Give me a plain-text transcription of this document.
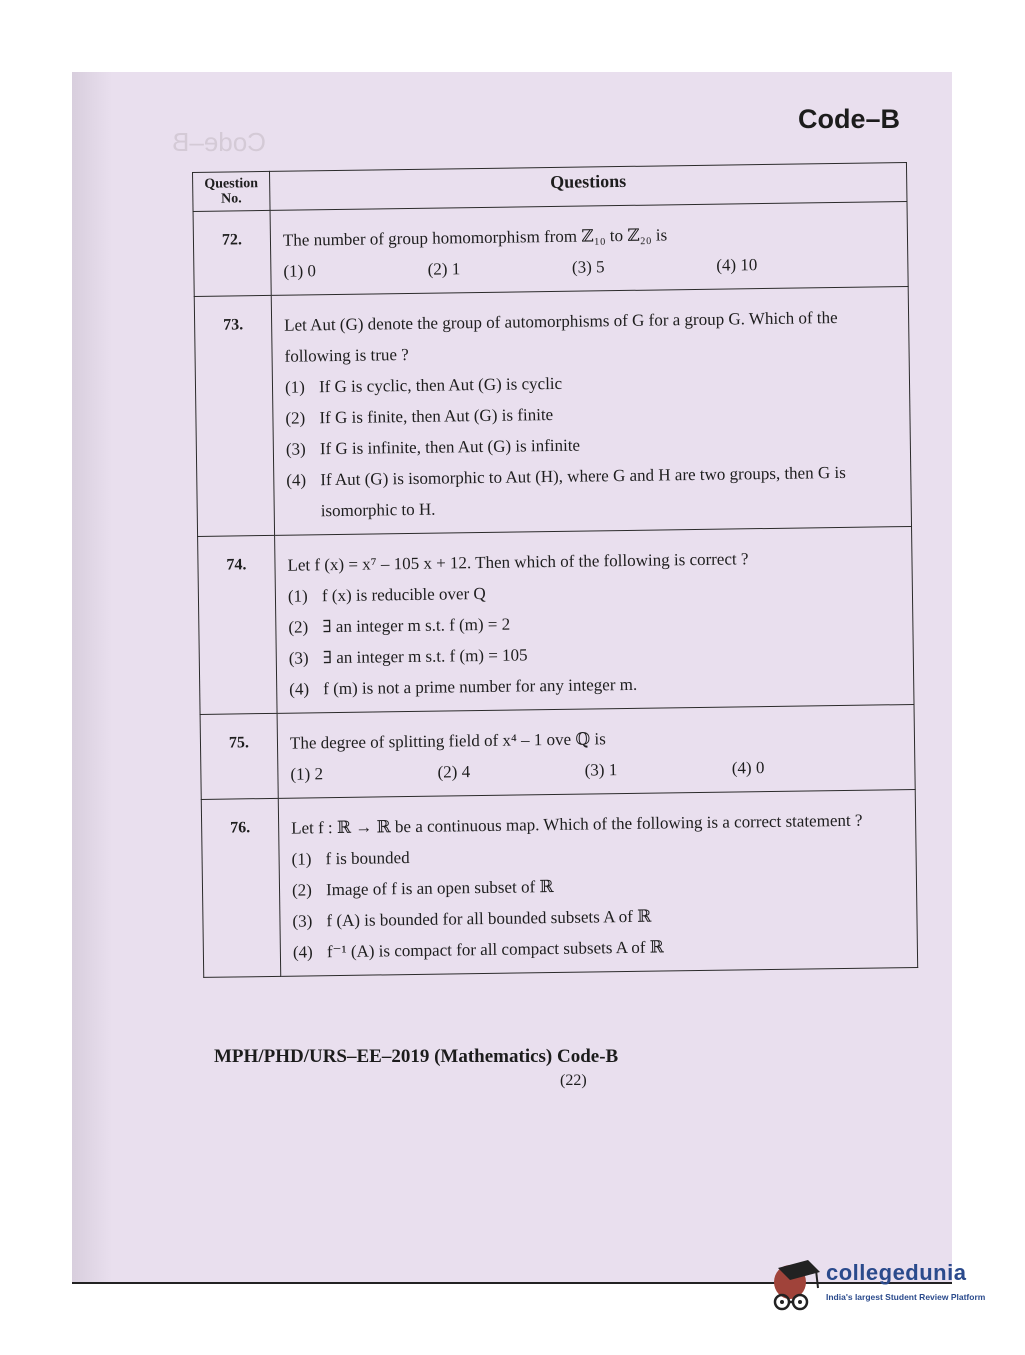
Code–B
Code–B
Question No.	Questions
72.	The number of group homomorphism from ℤ₁₀ to ℤ₂₀ is
(1) 0 (2) 1 (3) 5 (4) 10

73.	Let Aut (G) denote the group of automorphisms of G for a group G. Which of the following is true ?
(1) If G is cyclic, then Aut (G) is cyclic
(2) If G is finite, then Aut (G) is finite
(3) If G is infinite, then Aut (G) is infinite
(4) If Aut (G) is isomorphic to Aut (H), where G and H are two groups, then G is isomorphic to H.

74.	Let f (x) = x⁷ – 105 x + 12. Then which of the following is correct ?
(1) f (x) is reducible over Q
(2) ∃ an integer m s.t. f (m) = 2
(3) ∃ an integer m s.t. f (m) = 105
(4) f (m) is not a prime number for any integer m.

75.	The degree of splitting field of x⁴ – 1 ove ℚ is
(1) 2 (2) 4 (3) 1 (4) 0

76.	Let f : ℝ → ℝ be a continuous map. Which of the following is a correct statement ?
(1) f is bounded
(2) Image of f is an open subset of ℝ
(3) f (A) is bounded for all bounded subsets A of ℝ
(4) f⁻¹ (A) is compact for all compact subsets A of ℝ
MPH/PHD/URS–EE–2019 (Mathematics) Code-B
(22)
collegedunia
India's largest Student Review Platform
